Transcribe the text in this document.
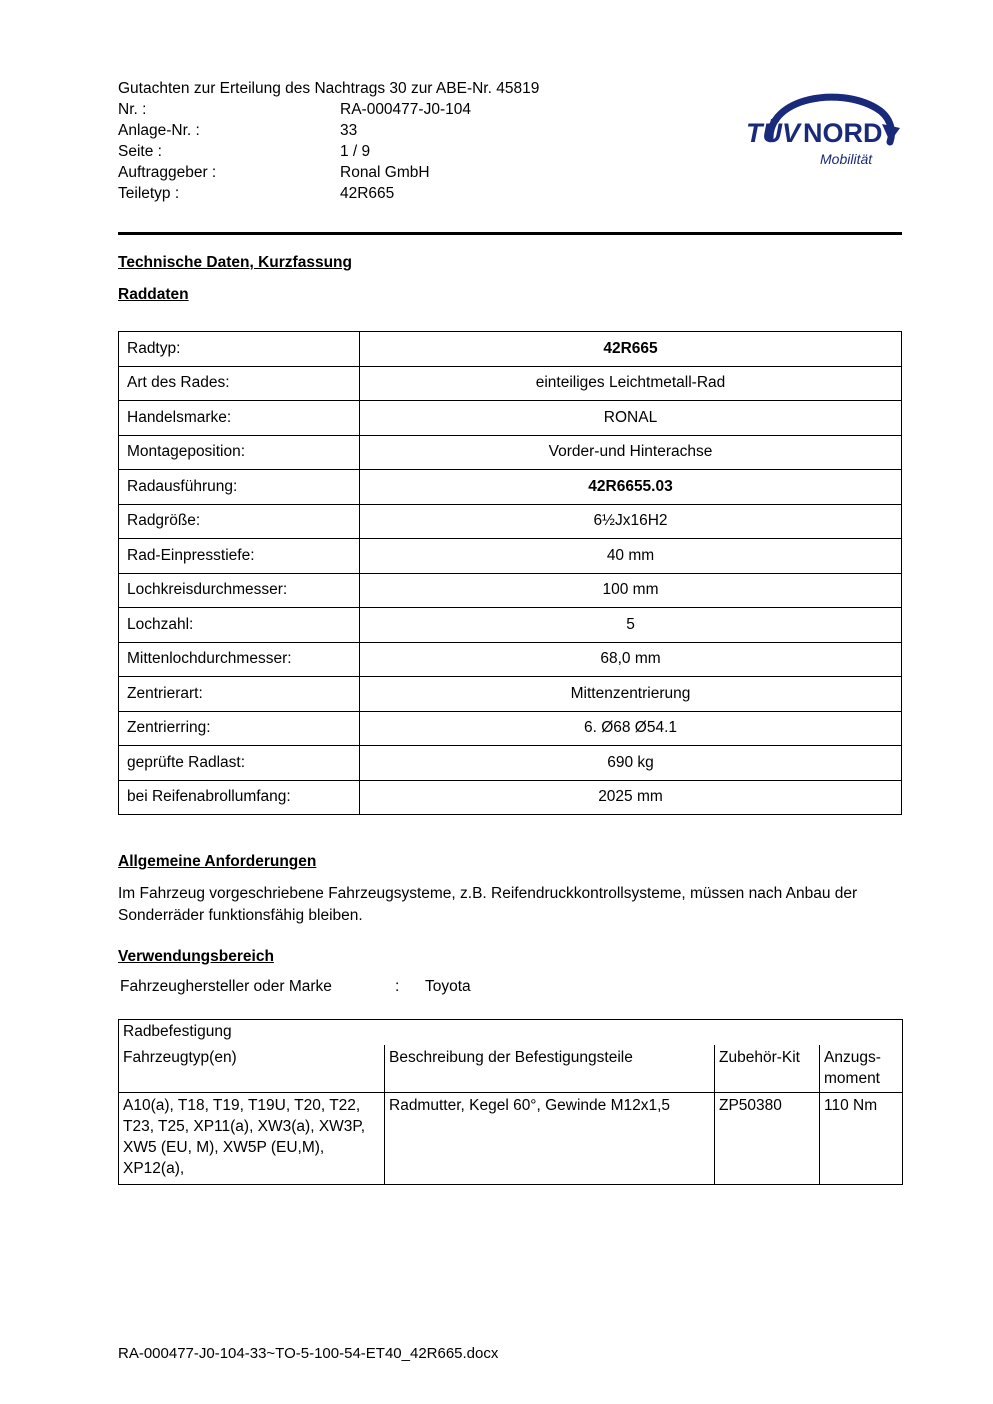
Gutachten zur Erteilung des Nachtrags 30 zur ABE-Nr. 45819
Nr. :	RA-000477-J0-104
Anlage-Nr. :	33
Seite :	1 / 9
Auftraggeber :	Ronal GmbH
Teiletyp :	42R665
TÜV NORD
Mobilität
Technische Daten, Kurzfassung
Raddaten
Radtyp:	42R665
Art des Rades:	einteiliges Leichtmetall-Rad
Handelsmarke:	RONAL
Montageposition:	Vorder-und Hinterachse
Radausführung:	42R6655.03
Radgröße:	6½Jx16H2
Rad-Einpresstiefe:	40 mm
Lochkreisdurchmesser:	100 mm
Lochzahl:	5
Mittenlochdurchmesser:	68,0 mm
Zentrierart:	Mittenzentrierung
Zentrierring:	6. Ø68 Ø54.1
geprüfte Radlast:	690 kg
bei Reifenabrollumfang:	2025 mm
Allgemeine Anforderungen
Im Fahrzeug vorgeschriebene Fahrzeugsysteme, z.B. Reifendruckkontrollsysteme, müssen nach Anbau der Sonderräder funktionsfähig bleiben.
Verwendungsbereich
Fahrzeughersteller oder Marke	:	Toyota
Radbefestigung			
Fahrzeugtyp(en)	Beschreibung der Befestigungsteile	Zubehör-Kit	Anzugs-
moment
A10(a), T18, T19, T19U, T20, T22, T23, T25, XP11(a), XW3(a), XW3P, XW5 (EU, M), XW5P (EU,M), XP12(a),	Radmutter, Kegel 60°, Gewinde M12x1,5	ZP50380	110 Nm
RA-000477-J0-104-33~TO-5-100-54-ET40_42R665.docx
